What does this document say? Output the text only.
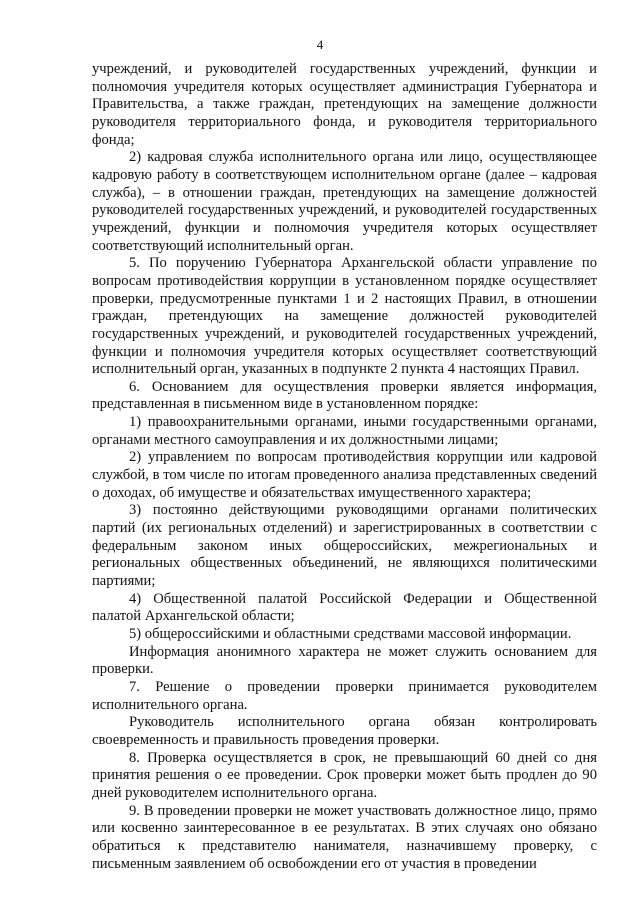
4

учреждений, и руководителей государственных учреждений, функции и полномочия учредителя которых осуществляет администрация Губернатора и Правительства, а также граждан, претендующих на замещение должности руководителя территориального фонда, и руководителя территориального фонда;

2) кадровая служба исполнительного органа или лицо, осуществляющее кадровую работу в соответствующем исполнительном органе (далее – кадровая служба), – в отношении граждан, претендующих на замещение должностей руководителей государственных учреждений, и руководителей государственных учреждений, функции и полномочия учредителя которых осуществляет соответствующий исполнительный орган.

5. По поручению Губернатора Архангельской области управление по вопросам противодействия коррупции в установленном порядке осуществляет проверки, предусмотренные пунктами 1 и 2 настоящих Правил, в отношении граждан, претендующих на замещение должностей руководителей государственных учреждений, и руководителей государственных учреждений, функции и полномочия учредителя которых осуществляет соответствующий исполнительный орган, указанных в подпункте 2 пункта 4 настоящих Правил.

6. Основанием для осуществления проверки является информация, представленная в письменном виде в установленном порядке:

1) правоохранительными органами, иными государственными органами, органами местного самоуправления и их должностными лицами;

2) управлением по вопросам противодействия коррупции или кадровой службой, в том числе по итогам проведенного анализа представленных сведений о доходах, об имуществе и обязательствах имущественного характера;

3) постоянно действующими руководящими органами политических партий (их региональных отделений) и зарегистрированных в соответствии с федеральным законом иных общероссийских, межрегиональных и региональных общественных объединений, не являющихся политическими партиями;

4) Общественной палатой Российской Федерации и Общественной палатой Архангельской области;

5) общероссийскими и областными средствами массовой информации.

Информация анонимного характера не может служить основанием для проверки.

7. Решение о проведении проверки принимается руководителем исполнительного органа.

Руководитель исполнительного органа обязан контролировать своевременность и правильность проведения проверки.

8. Проверка осуществляется в срок, не превышающий 60 дней со дня принятия решения о ее проведении. Срок проверки может быть продлен до 90 дней руководителем исполнительного органа.

9. В проведении проверки не может участвовать должностное лицо, прямо или косвенно заинтересованное в ее результатах. В этих случаях оно обязано обратиться к представителю нанимателя, назначившему проверку, с письменным заявлением об освобождении его от участия в проведении
